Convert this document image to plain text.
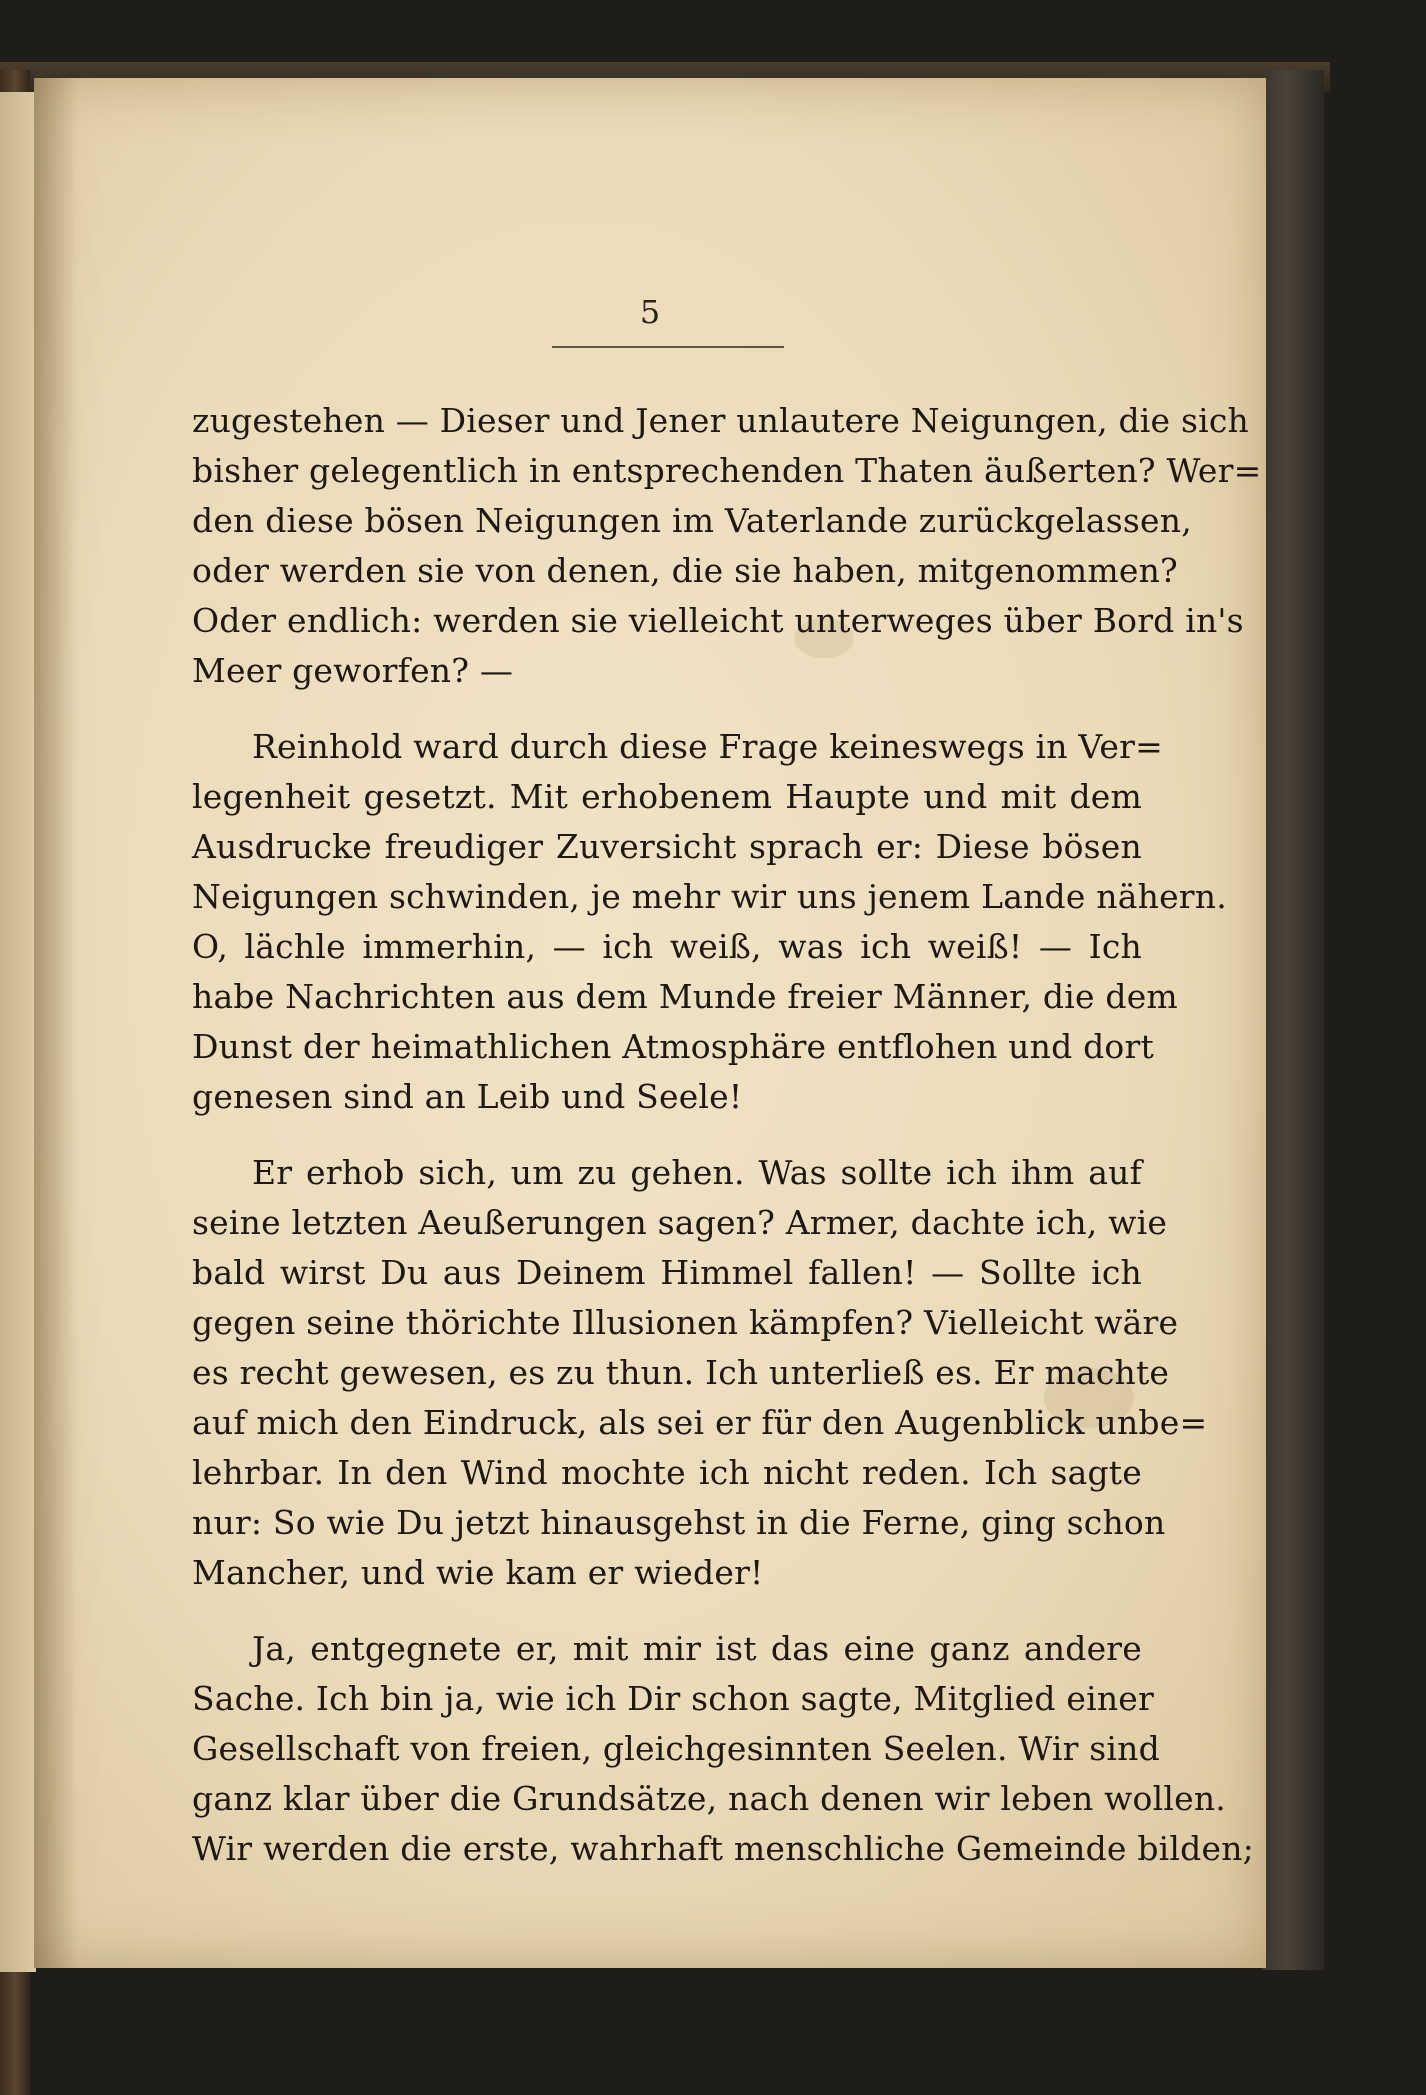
5
zugestehen — Dieser und Jener unlautere Neigungen, die sich
bisher gelegentlich in entsprechenden Thaten äußerten? Wer=
den diese bösen Neigungen im Vaterlande zurückgelassen,
oder werden sie von denen, die sie haben, mitgenommen?
Oder endlich: werden sie vielleicht unterweges über Bord in's
Meer geworfen? —
Reinhold ward durch diese Frage keineswegs in Ver=
legenheit gesetzt. Mit erhobenem Haupte und mit dem
Ausdrucke freudiger Zuversicht sprach er: Diese bösen
Neigungen schwinden, je mehr wir uns jenem Lande nähern.
O, lächle immerhin, — ich weiß, was ich weiß! — Ich
habe Nachrichten aus dem Munde freier Männer, die dem
Dunst der heimathlichen Atmosphäre entflohen und dort
genesen sind an Leib und Seele!
Er erhob sich, um zu gehen. Was sollte ich ihm auf
seine letzten Aeußerungen sagen? Armer, dachte ich, wie
bald wirst Du aus Deinem Himmel fallen! — Sollte ich
gegen seine thörichte Illusionen kämpfen? Vielleicht wäre
es recht gewesen, es zu thun. Ich unterließ es. Er machte
auf mich den Eindruck, als sei er für den Augenblick unbe=
lehrbar. In den Wind mochte ich nicht reden. Ich sagte
nur: So wie Du jetzt hinausgehst in die Ferne, ging schon
Mancher, und wie kam er wieder!
Ja, entgegnete er, mit mir ist das eine ganz andere
Sache. Ich bin ja, wie ich Dir schon sagte, Mitglied einer
Gesellschaft von freien, gleichgesinnten Seelen. Wir sind
ganz klar über die Grundsätze, nach denen wir leben wollen.
Wir werden die erste, wahrhaft menschliche Gemeinde bilden;
